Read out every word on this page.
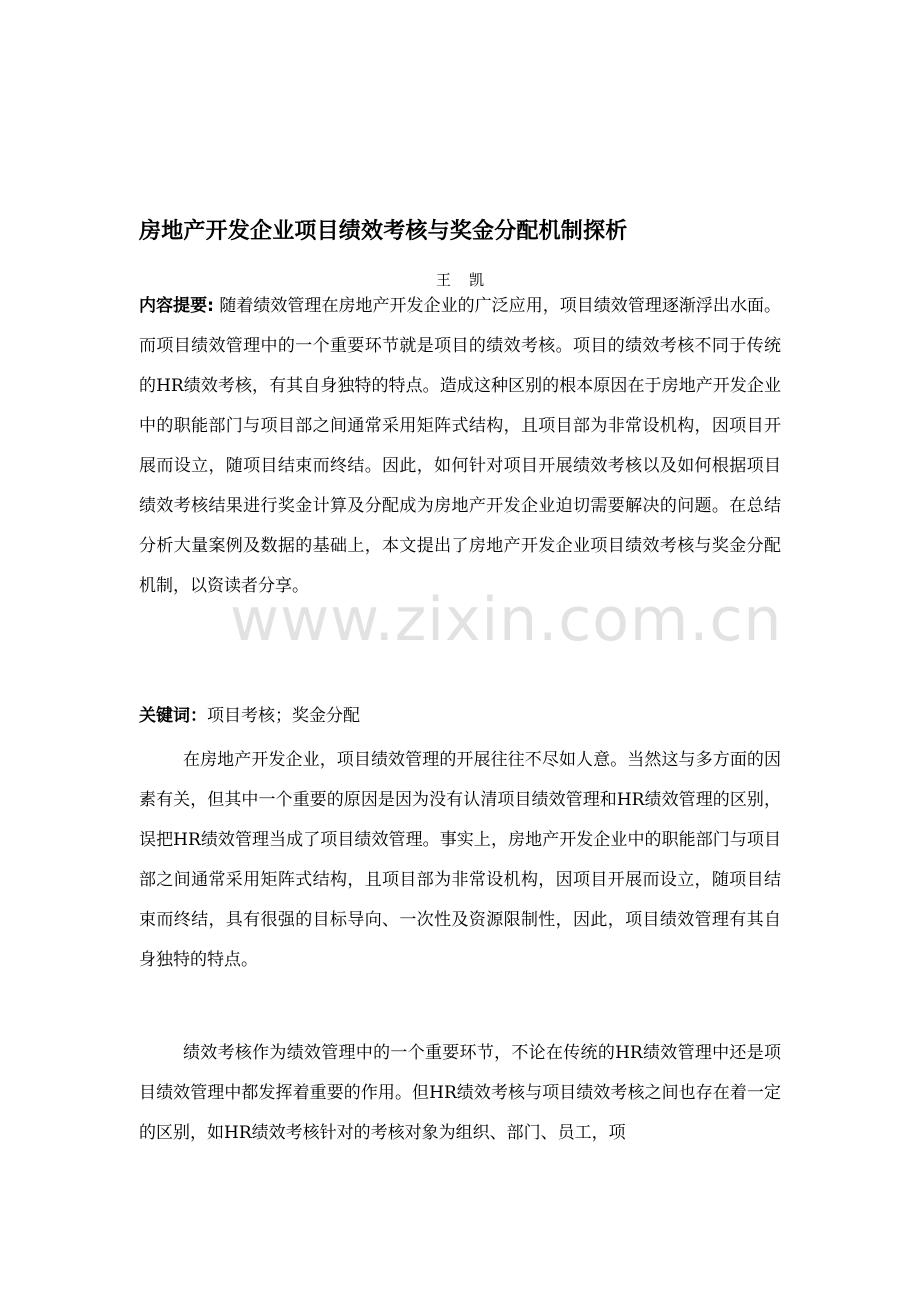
www.zixin.com.cn
房地产开发企业项目绩效考核与奖金分配机制探析
王凯
内容提要: 随着绩效管理在房地产开发企业的广泛应用，项目绩效管理逐渐浮出水面。而项目绩效管理中的一个重要环节就是项目的绩效考核。项目的绩效考核不同于传统的HR绩效考核，有其自身独特的特点。造成这种区别的根本原因在于房地产开发企业中的职能部门与项目部之间通常采用矩阵式结构，且项目部为非常设机构，因项目开展而设立，随项目结束而终结。因此，如何针对项目开展绩效考核以及如何根据项目绩效考核结果进行奖金计算及分配成为房地产开发企业迫切需要解决的问题。在总结分析大量案例及数据的基础上，本文提出了房地产开发企业项目绩效考核与奖金分配机制，以资读者分享。
关键词：项目考核；奖金分配
在房地产开发企业，项目绩效管理的开展往往不尽如人意。当然这与多方面的因素有关，但其中一个重要的原因是因为没有认清项目绩效管理和HR绩效管理的区别，误把HR绩效管理当成了项目绩效管理。事实上，房地产开发企业中的职能部门与项目部之间通常采用矩阵式结构，且项目部为非常设机构，因项目开展而设立，随项目结束而终结，具有很强的目标导向、一次性及资源限制性，因此，项目绩效管理有其自身独特的特点。
绩效考核作为绩效管理中的一个重要环节，不论在传统的HR绩效管理中还是项目绩效管理中都发挥着重要的作用。但HR绩效考核与项目绩效考核之间也存在着一定的区别，如HR绩效考核针对的考核对象为组织、部门、员工，项
